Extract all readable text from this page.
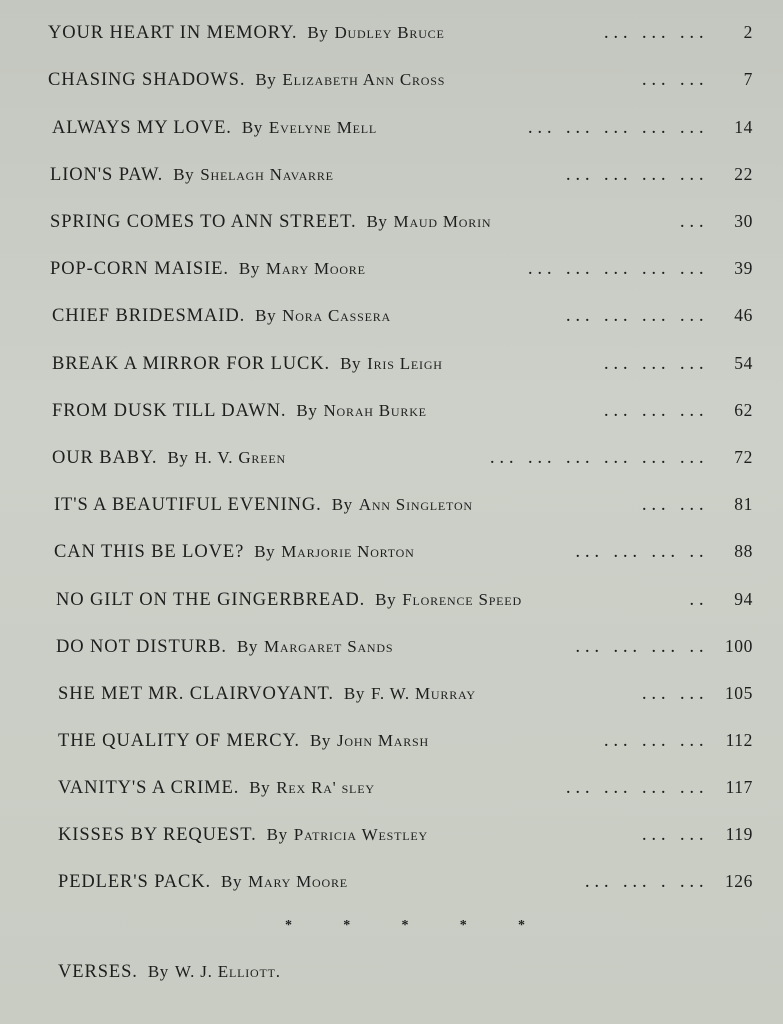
YOUR HEART IN MEMORY. By Dudley Bruce	... ... ...	2
CHASING SHADOWS. By Elizabeth Ann Cross	... ...	7
ALWAYS MY LOVE. By Evelyne Mell	... ... ... ... ...	14
LION'S PAW. By Shelagh Navarre	... ... ... ...	22
SPRING COMES TO ANN STREET. By Maud Morin	...	30
POP-CORN MAISIE. By Mary Moore	... ... ... ... ...	39
CHIEF BRIDESMAID. By Nora Cassera	... ... ... ...	46
BREAK A MIRROR FOR LUCK. By Iris Leigh	... ... ...	54
FROM DUSK TILL DAWN. By Norah Burke	... ... ...	62
OUR BABY. By H. V. Green	... ... ... ... ... ...	72
IT'S A BEAUTIFUL EVENING. By Ann Singleton	... ...	81
CAN THIS BE LOVE? By Marjorie Norton	... ... ... ..	88
NO GILT ON THE GINGERBREAD. By Florence Speed	..	94
DO NOT DISTURB. By Margaret Sands	... ... ... .. 100
SHE MET MR. CLAIRVOYANT. By F. W. Murray	... ... 105
THE QUALITY OF MERCY. By John Marsh	... ... ... 112
VANITY'S A CRIME. By Rex Ra' sley	... ... ... ... 117
KISSES BY REQUEST. By Patricia Westley	... ... 119
PEDLER'S PACK. By Mary Moore	... ... . ... 126
*	*	*	*	*
VERSES. By W. J. Elliott.
